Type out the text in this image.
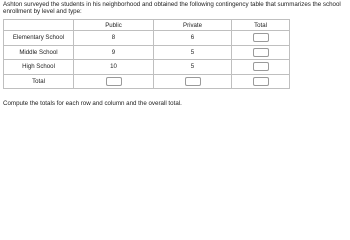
Ashton surveyed the students in his neighborhood and obtained the following contingency table that summarizes the school enrollment by level and type:

	Public	Private	Total
Elementary School	8	6	
Middle School	9	5	
High School	10	5	
Total			

Compute the totals for each row and column and the overall total.
